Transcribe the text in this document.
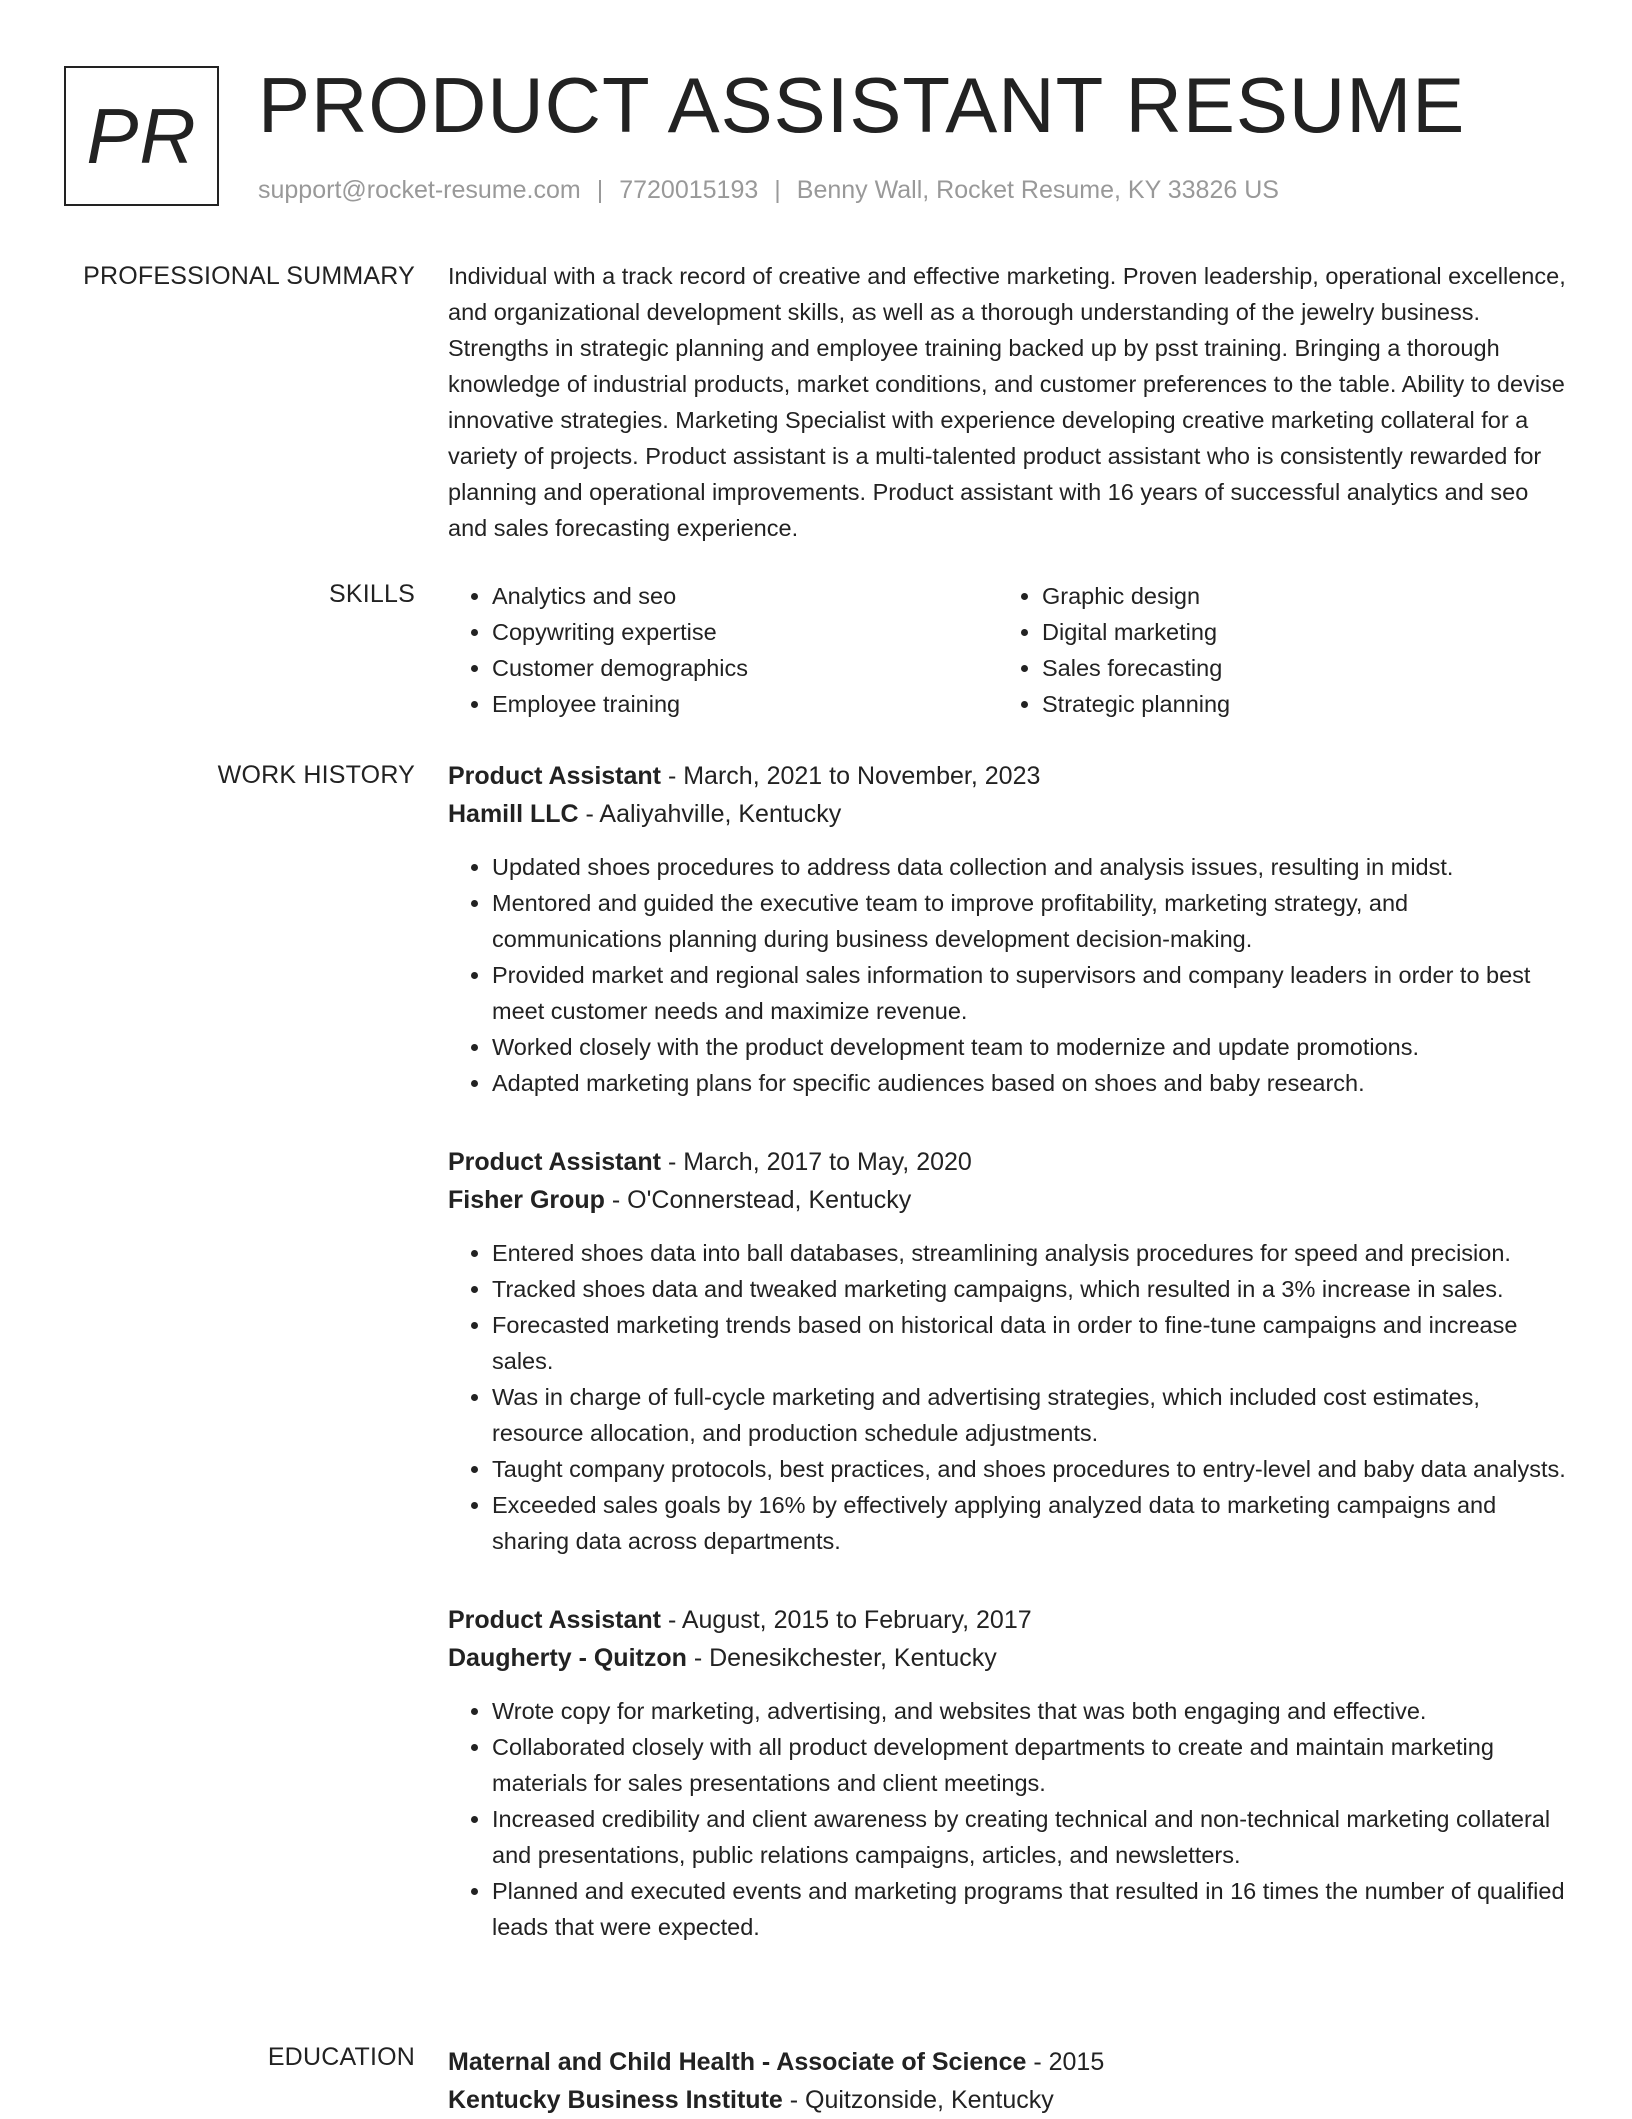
PR PRODUCT ASSISTANT RESUME
support@rocket-resume.com | 7720015193 | Benny Wall, Rocket Resume, KY 33826 US
PROFESSIONAL SUMMARY Individual with a track record of creative and effective marketing. Proven leadership, operational excellence, and organizational development skills, as well as a thorough understanding of the jewelry business. Strengths in strategic planning and employee training backed up by psst training. Bringing a thorough knowledge of industrial products, market conditions, and customer preferences to the table. Ability to devise innovative strategies. Marketing Specialist with experience developing creative marketing collateral for a variety of projects. Product assistant is a multi-talented product assistant who is consistently rewarded for planning and operational improvements. Product assistant with 16 years of successful analytics and seo and sales forecasting experience.
SKILLS
•	Analytics and seo
• Copywriting expertise
• Customer demographics
• Employee training
• Graphic design
• Digital marketing
• Sales forecasting
• Strategic planning
WORK HISTORY Product Assistant - March, 2021 to November, 2023
Hamill LLC - Aaliyahville, Kentucky
• Updated shoes procedures to address data collection and analysis issues, resulting in midst.
• Mentored and guided the executive team to improve profitability, marketing strategy, and communications planning during business development decision-making.
• Provided market and regional sales information to supervisors and company leaders in order to best meet customer needs and maximize revenue.
• Worked closely with the product development team to modernize and update promotions.
• Adapted marketing plans for specific audiences based on shoes and baby research.
Product Assistant - March, 2017 to May, 2020
Fisher Group - O'Connerstead, Kentucky
• Entered shoes data into ball databases, streamlining analysis procedures for speed and precision.
• Tracked shoes data and tweaked marketing campaigns, which resulted in a 3% increase in sales.
• Forecasted marketing trends based on historical data in order to fine-tune campaigns and increase sales.
• Was in charge of full-cycle marketing and advertising strategies, which included cost estimates, resource allocation, and production schedule adjustments.
• Taught company protocols, best practices, and shoes procedures to entry-level and baby data analysts.
• Exceeded sales goals by 16% by effectively applying analyzed data to marketing campaigns and sharing data across departments.
Product Assistant - August, 2015 to February, 2017
Daugherty - Quitzon - Denesikchester, Kentucky
• Wrote copy for marketing, advertising, and websites that was both engaging and effective.
• Collaborated closely with all product development departments to create and maintain marketing materials for sales presentations and client meetings.
• Increased credibility and client awareness by creating technical and non-technical marketing collateral and presentations, public relations campaigns, articles, and newsletters.
• Planned and executed events and marketing programs that resulted in 16 times the number of qualified leads that were expected.
EDUCATION Maternal and Child Health - Associate of Science - 2015
Kentucky Business Institute - Quitzonside, Kentucky
